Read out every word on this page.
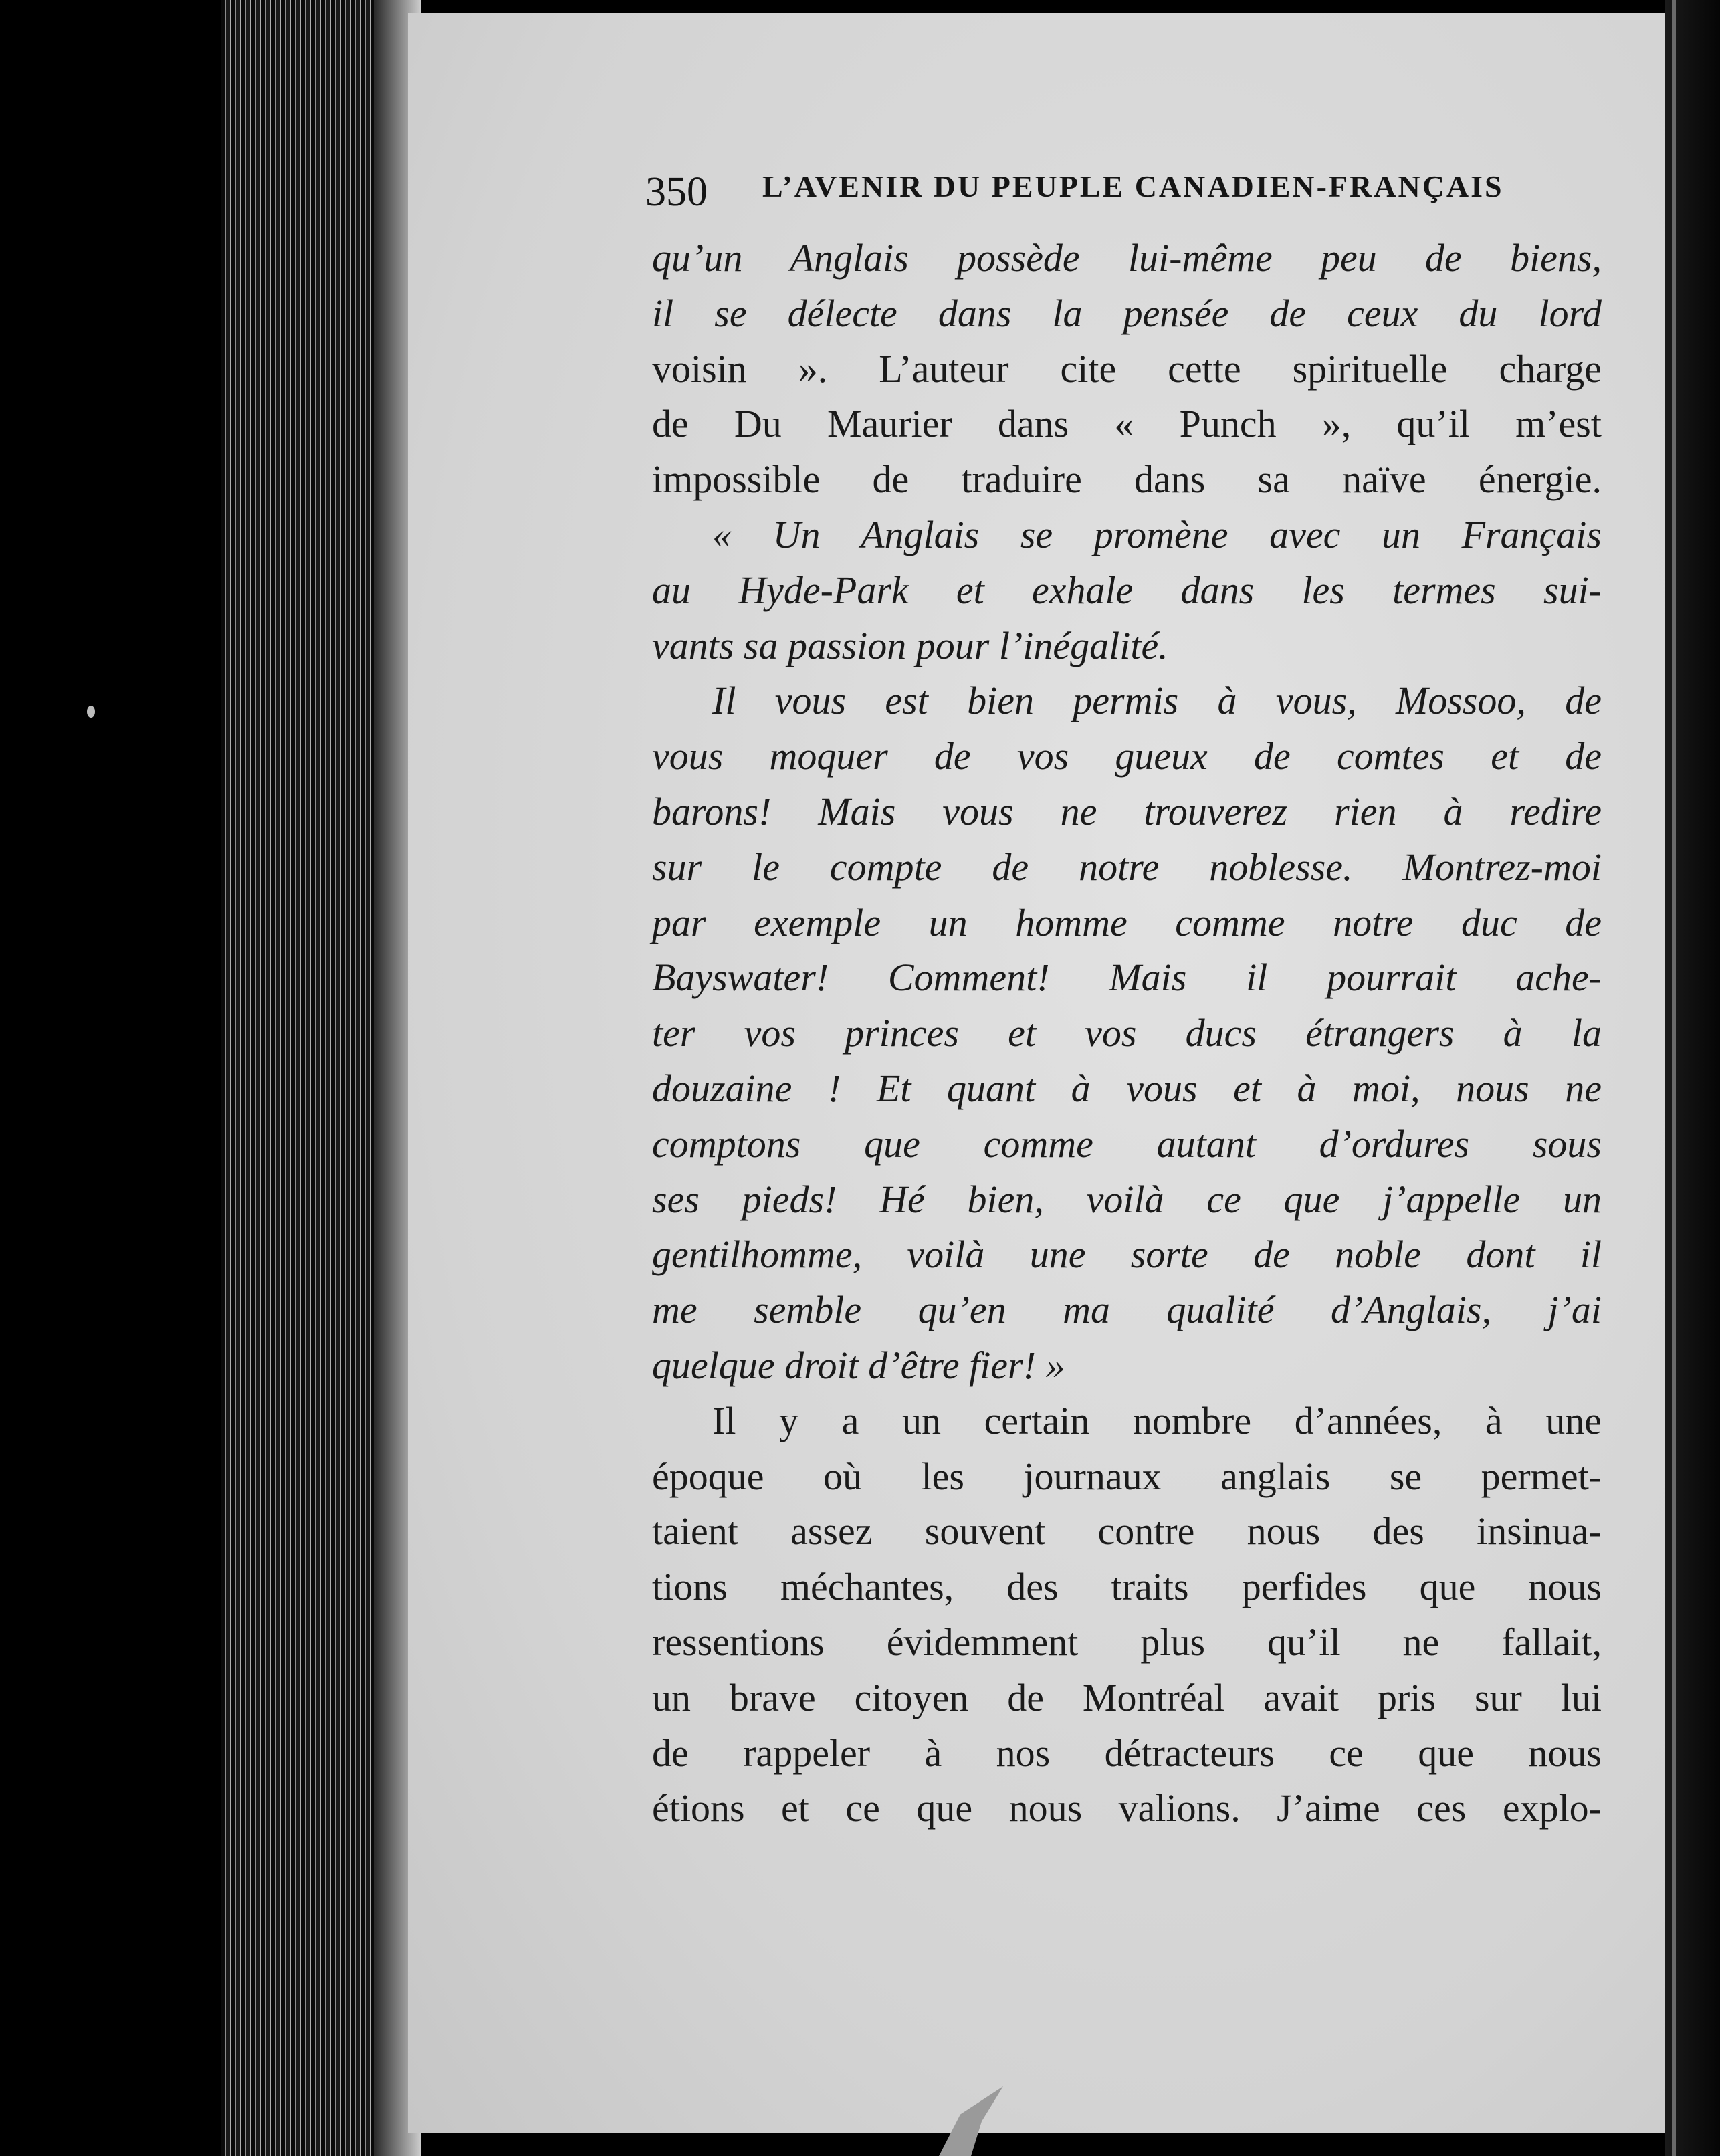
350 L’AVENIR DU PEUPLE CANADIEN-FRANÇAIS
qu’un Anglais possède lui-même peu de biens,
il se délecte dans la pensée de ceux du lord
voisin ». L’auteur cite cette spirituelle charge
de Du Maurier dans « Punch », qu’il m’est
impossible de traduire dans sa naïve énergie.
« Un Anglais se promène avec un Français
au Hyde-Park et exhale dans les termes sui-
vants sa passion pour l’inégalité.
Il vous est bien permis à vous, Mossoo, de
vous moquer de vos gueux de comtes et de
barons! Mais vous ne trouverez rien à redire
sur le compte de notre noblesse. Montrez-moi
par exemple un homme comme notre duc de
Bayswater! Comment! Mais il pourrait ache-
ter vos princes et vos ducs étrangers à la
douzaine ! Et quant à vous et à moi, nous ne
comptons que comme autant d’ordures sous
ses pieds! Hé bien, voilà ce que j’appelle un
gentilhomme, voilà une sorte de noble dont il
me semble qu’en ma qualité d’Anglais, j’ai
quelque droit d’être fier! »
Il y a un certain nombre d’années, à une
époque où les journaux anglais se permet-
taient assez souvent contre nous des insinua-
tions méchantes, des traits perfides que nous
ressentions évidemment plus qu’il ne fallait,
un brave citoyen de Montréal avait pris sur lui
de rappeler à nos détracteurs ce que nous
étions et ce que nous valions. J’aime ces explo-
